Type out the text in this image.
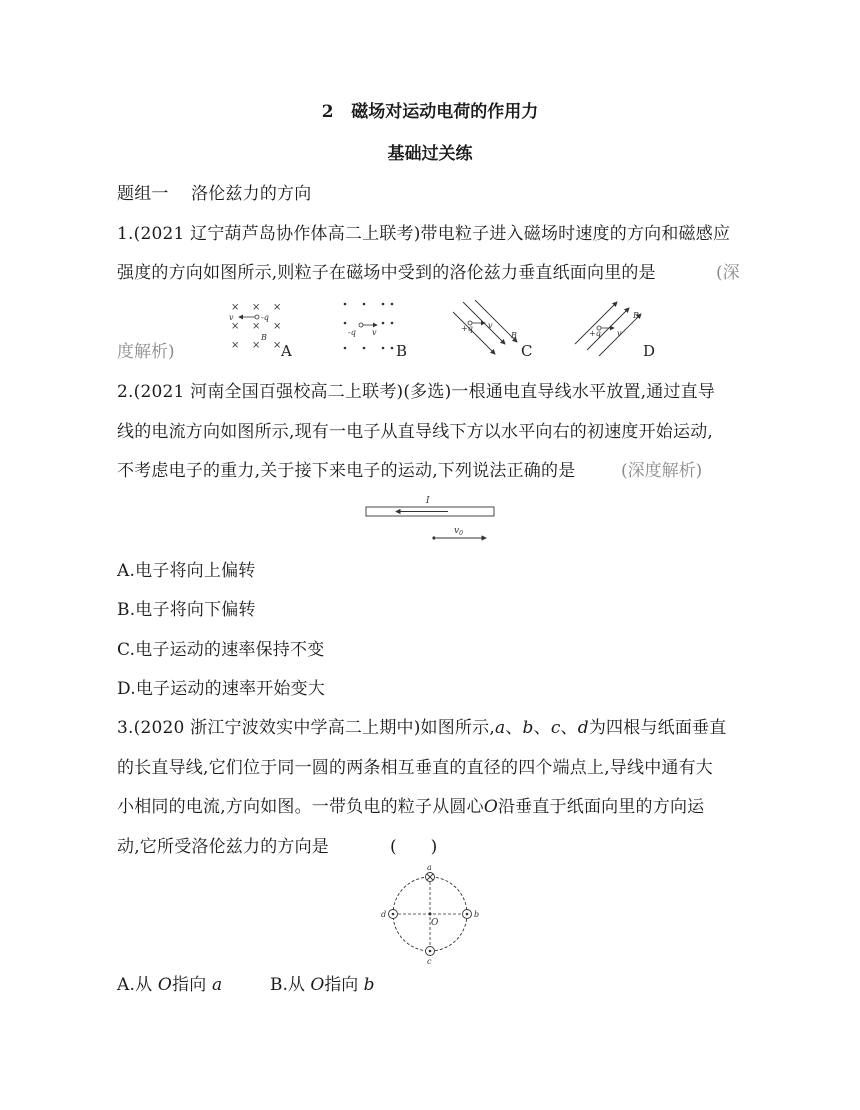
2 磁场对运动电荷的作用力
基础过关练
题组一 洛伦兹力的方向
1.(2021 辽宁葫芦岛协作体高二上联考)带电粒子进入磁场时速度的方向和磁感应
强度的方向如图所示,则粒子在磁场中受到的洛伦兹力垂直纸面向里的是	(深
度解析)
× × ×
× × ×
× × ×
v	-q
B
A
-q v
B
+q v
B
C
+q v
B
D
2.(2021 河南全国百强校高二上联考)(多选)一根通电直导线水平放置,通过直导
线的电流方向如图所示,现有一电子从直导线下方以水平向右的初速度开始运动,
不考虑电子的重力,关于接下来电子的运动,下列说法正确的是	(深度解析)
I
$v_0$
A.电子将向上偏转
B.电子将向下偏转
C.电子运动的速率保持不变
D.电子运动的速率开始变大
3.(2020 浙江宁波效实中学高二上期中)如图所示,a、b、c、d为四根与纸面垂直
的长直导线,它们位于同一圆的两条相互垂直的直径的四个端点上,导线中通有大
小相同的电流,方向如图。一带负电的粒子从圆心O沿垂直于纸面向里的方向运
动,它所受洛伦兹力的方向是	(　　)
a
b
c
d
O
A.从 O指向 a	B.从 O指向 b
